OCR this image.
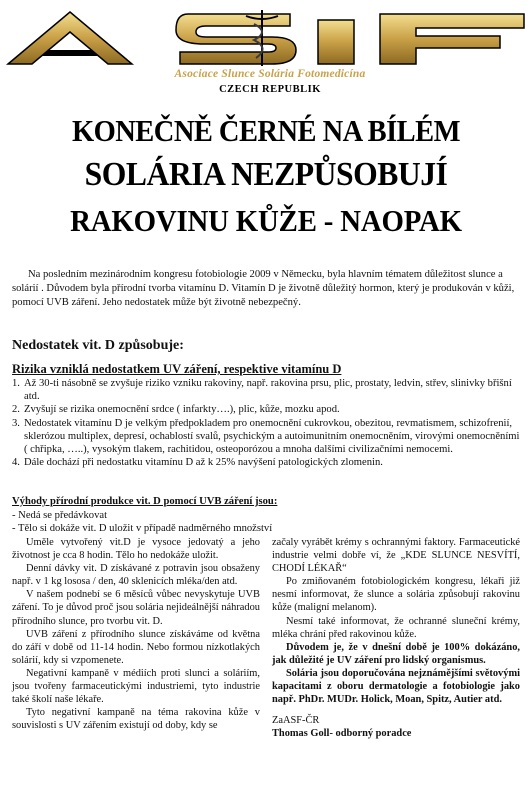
Asociace Slunce Solária Fotomedicína
CZECH REPUBLIK
KONEČNĚ ČERNÉ NA BÍLÉM
SOLÁRIA NEZPŮSOBUJÍ
RAKOVINU KŮŽE - NAOPAK
Na posledním mezinárodním kongresu fotobiologie 2009 v Německu, byla hlavním tématem důležitost slunce a solárií . Důvodem byla přírodní tvorba vitamínu D. Vitamín D je životně důležitý hormon, který je produkován v kůži, pomocí UVB záření. Jeho nedostatek může být životně nebezpečný.
Nedostatek vit. D způsobuje:
Rizika vzniklá nedostatkem UV záření, respektive vitamínu D
1. Až 30-ti násobně se zvyšuje riziko vzniku rakoviny, např. rakovina prsu, plic, prostaty, ledvin, střev, slinivky břišní atd.
2. Zvyšují se rizika onemocnění srdce ( infarkty….), plic, kůže, mozku apod.
3. Nedostatek vitamínu D je velkým předpokladem pro onemocnění cukrovkou, obezitou, revmatismem, schizofrenií, sklerózou multiplex, depresí, ochablostí svalů, psychickým a autoimunitním onemocněním, virovými onemocněními ( chřipka, …..), vysokým tlakem, rachitidou, osteoporózou a mnoha dalšími civilizačními nemocemi.
4. Dále dochází při nedostatku vitamínu D až k 25% navýšení patologických zlomenin.
Výhody přírodní produkce vit. D pomocí UVB záření jsou:
- Nedá se předávkovat
- Tělo si dokáže vit. D uložit v případě nadměrného množství

Uměle vytvořený vit.D je vysoce jedovatý a jeho životnost je cca 8 hodin. Tělo ho nedokáže uložit.

Denní dávky vit. D získávané z potravin jsou obsaženy např. v 1 kg lososa / den, 40 sklenicích mléka/den atd.

V našem podnebí se 6 měsíců vůbec nevyskytuje UVB záření. To je důvod proč jsou solária nejideálnější náhradou přírodního slunce, pro tvorbu vit. D.

UVB záření z přírodního slunce získáváme od května do září v době od 11-14 hodin. Nebo formou nízkotlakých solárií, kdy si vzpomenete.

Negativní kampaně v médiích proti slunci a soláriím, jsou tvořeny farmaceutickými industriemi, tyto industrie také školí naše lékaře.

Tyto negativní kampaně na téma rakovina kůže v souvislosti s UV zářením existují od doby, kdy se

začaly vyrábět krémy s ochrannými faktory. Farmaceutické industrie velmi dobře ví, že „KDE SLUNCE NESVÍTÍ, CHODÍ LÉKAŘ“

Po zmiňovaném fotobiologickém kongresu, lékaři již nesmí informovat, že slunce a solária způsobují rakovinu kůže (maligní melanom).

Nesmí také informovat, že ochranné sluneční krémy, mléka chrání před rakovinou kůže.

Důvodem je, že v dnešní době je 100% dokázáno, jak důležité je UV záření pro lidský organismus.

Solária jsou doporučována nejznámějšími světovými kapacitami z oboru dermatologie a fotobiologie jako např. PhDr. MUDr. Holick, Moan, Spitz, Autier atd.

ZaASF-ČR

Thomas Goll- odborný poradce
